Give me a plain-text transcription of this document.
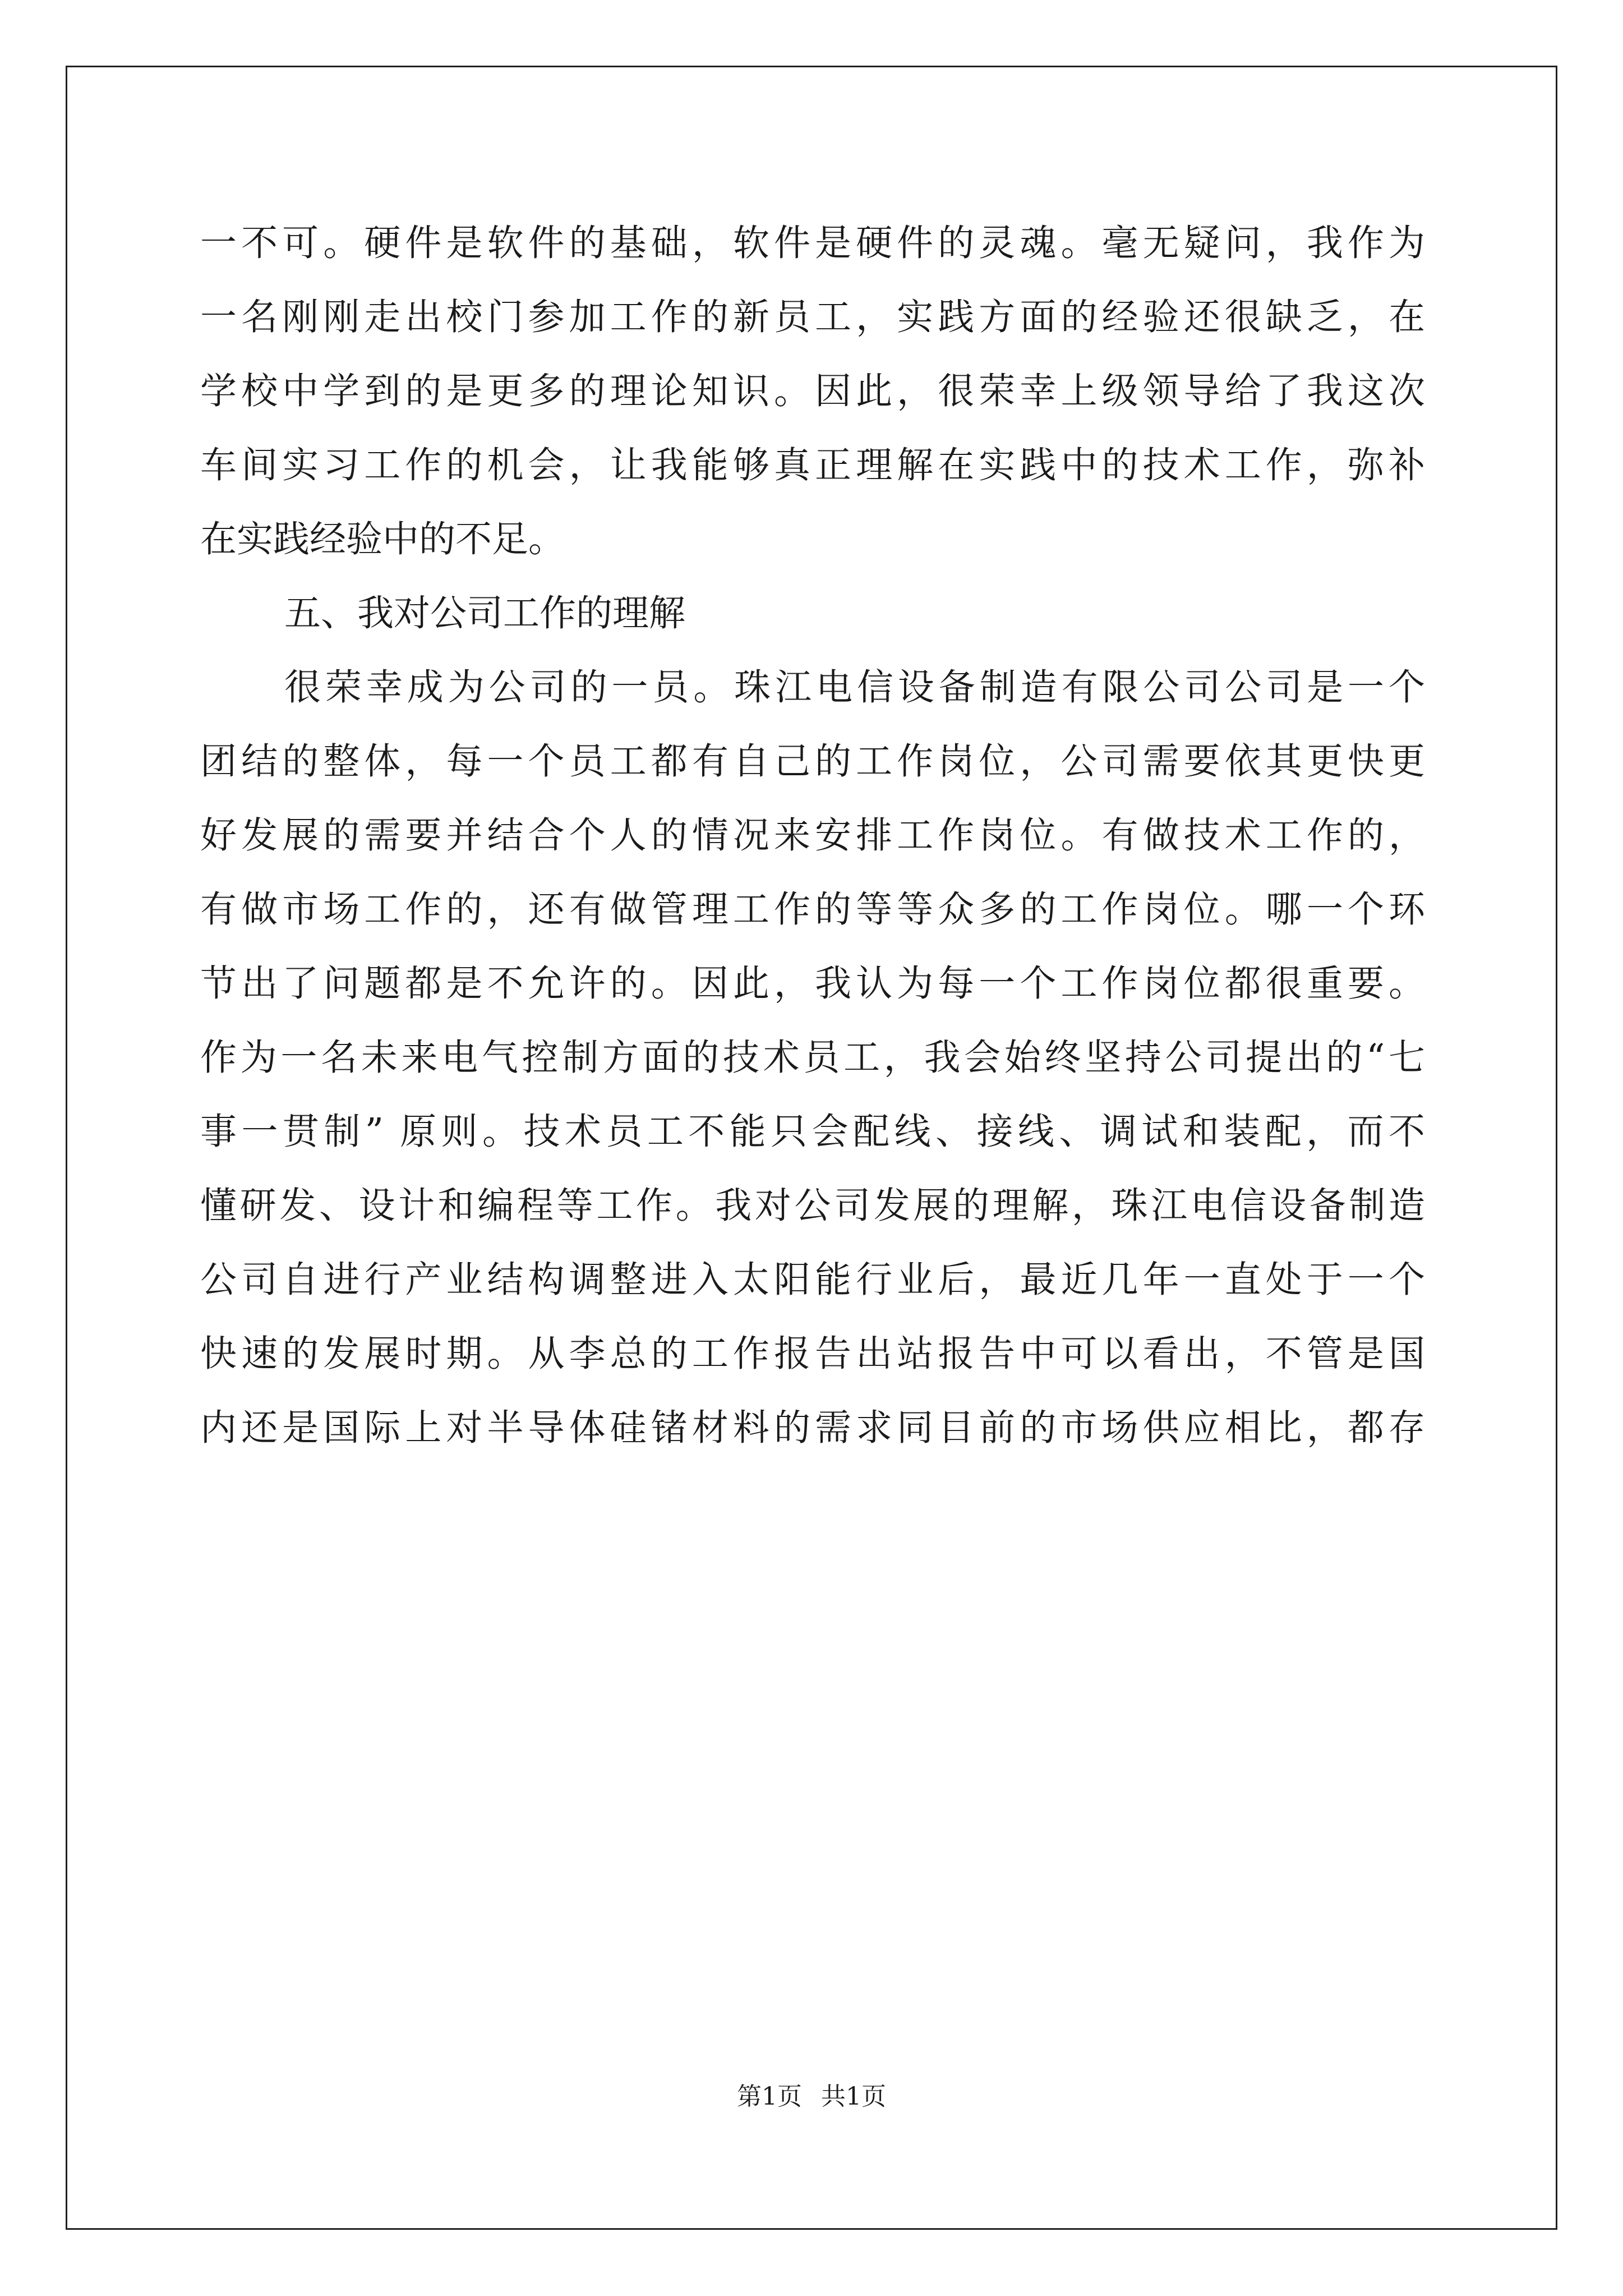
一不可。硬件是软件的基础，软件是硬件的灵魂。毫无疑问，我作为
一名刚刚走出校门参加工作的新员工，实践方面的经验还很缺乏，在
学校中学到的是更多的理论知识。因此，很荣幸上级领导给了我这次
车间实习工作的机会，让我能够真正理解在实践中的技术工作，弥补
在实践经验中的不足。
五、我对公司工作的理解
很荣幸成为公司的一员。珠江电信设备制造有限公司公司是一个
团结的整体，每一个员工都有自己的工作岗位，公司需要依其更快更
好发展的需要并结合个人的情况来安排工作岗位。有做技术工作的，
有做市场工作的，还有做管理工作的等等众多的工作岗位。哪一个环
节出了问题都是不允许的。因此，我认为每一个工作岗位都很重要。
作为一名未来电气控制方面的技术员工，我会始终坚持公司提出的“七
事一贯制” 原则。技术员工不能只会配线、接线、调试和装配，而不
懂研发、设计和编程等工作。我对公司发展的理解，珠江电信设备制造
公司自进行产业结构调整进入太阳能行业后，最近几年一直处于一个
快速的发展时期。从李总的工作报告出站报告中可以看出，不管是国
内还是国际上对半导体硅锗材料的需求同目前的市场供应相比，都存
第1页 共1页
